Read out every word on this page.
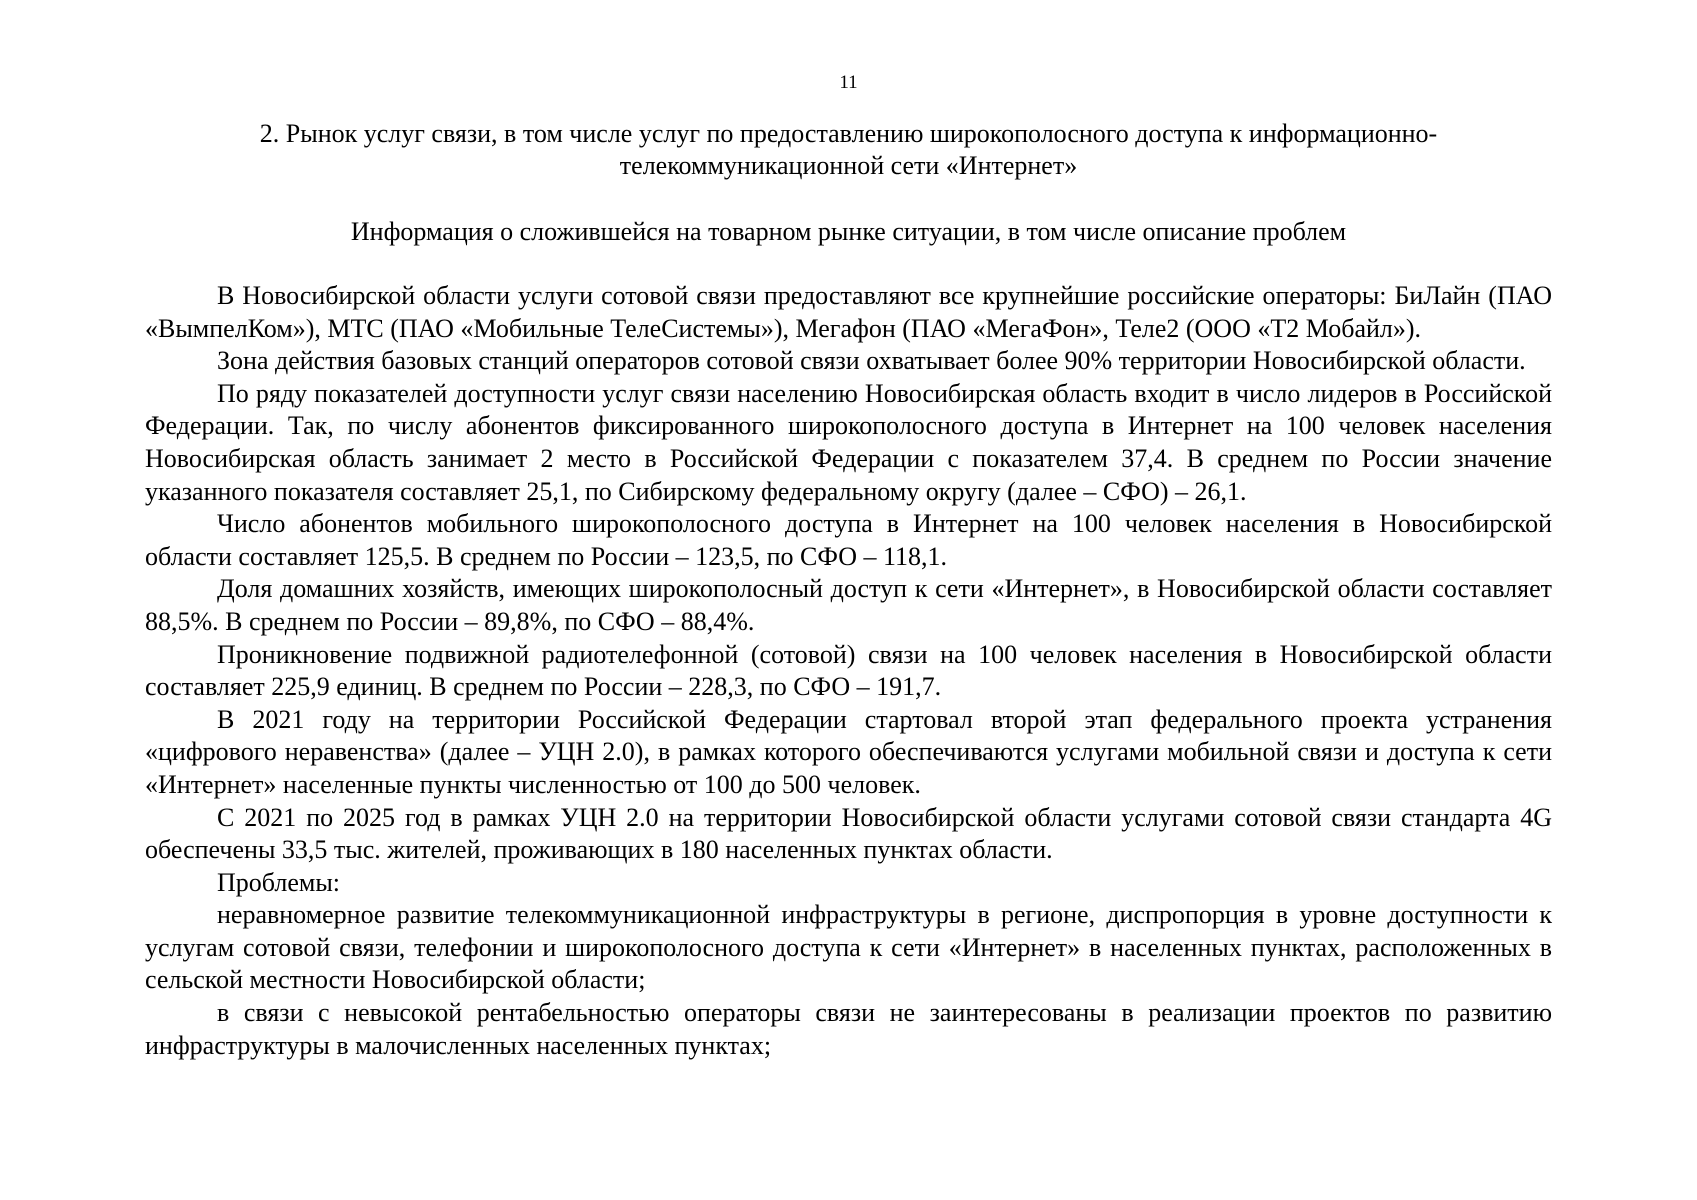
11
2. Рынок услуг связи, в том числе услуг по предоставлению широкополосного доступа к информационно-телекоммуникационной сети «Интернет»
Информация о сложившейся на товарном рынке ситуации, в том числе описание проблем

В Новосибирской области услуги сотовой связи предоставляют все крупнейшие российские операторы: БиЛайн (ПАО «ВымпелКом»), МТС (ПАО «Мобильные ТелеСистемы»), Мегафон (ПАО «МегаФон», Теле2 (ООО «Т2 Мобайл»).

Зона действия базовых станций операторов сотовой связи охватывает более 90% территории Новосибирской области.

По ряду показателей доступности услуг связи населению Новосибирская область входит в число лидеров в Российской Федерации. Так, по числу абонентов фиксированного широкополосного доступа в Интернет на 100 человек населения Новосибирская область занимает 2 место в Российской Федерации с показателем 37,4. В среднем по России значение указанного показателя составляет 25,1, по Сибирскому федеральному округу (далее – СФО) – 26,1.

Число абонентов мобильного широкополосного доступа в Интернет на 100 человек населения в Новосибирской области составляет 125,5. В среднем по России – 123,5, по СФО – 118,1.

Доля домашних хозяйств, имеющих широкополосный доступ к сети «Интернет», в Новосибирской области составляет 88,5%. В среднем по России – 89,8%, по СФО – 88,4%.

Проникновение подвижной радиотелефонной (сотовой) связи на 100 человек населения в Новосибирской области составляет 225,9 единиц. В среднем по России – 228,3, по СФО – 191,7.

В 2021 году на территории Российской Федерации стартовал второй этап федерального проекта устранения «цифрового неравенства» (далее – УЦН 2.0), в рамках которого обеспечиваются услугами мобильной связи и доступа к сети «Интернет» населенные пункты численностью от 100 до 500 человек.

С 2021 по 2025 год в рамках УЦН 2.0 на территории Новосибирской области услугами сотовой связи стандарта 4G обеспечены 33,5 тыс. жителей, проживающих в 180 населенных пунктах области.

Проблемы:

неравномерное развитие телекоммуникационной инфраструктуры в регионе, диспропорция в уровне доступности к услугам сотовой связи, телефонии и широкополосного доступа к сети «Интернет» в населенных пунктах, расположенных в сельской местности Новосибирской области;

в связи с невысокой рентабельностью операторы связи не заинтересованы в реализации проектов по развитию инфраструктуры в малочисленных населенных пунктах;
